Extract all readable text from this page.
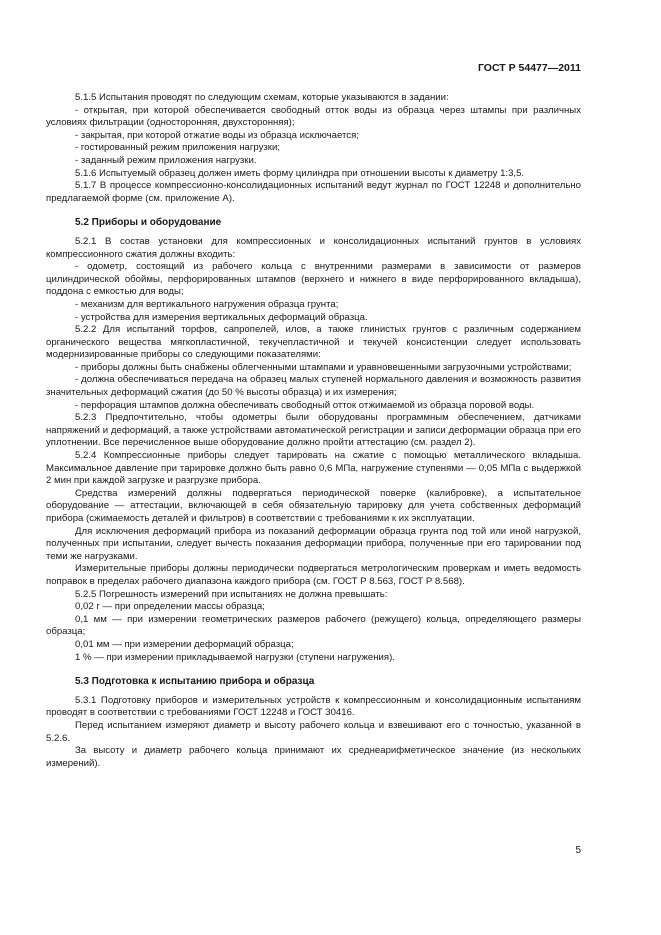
ГОСТ Р 54477—2011

5.1.5 Испытания проводят по следующим схемам, которые указываются в задании:

- открытая, при которой обеспечивается свободный отток воды из образца через штампы при различных условиях фильтрации (односторонняя, двухсторонняя);

- закрытая, при которой отжатие воды из образца исключается;

- гостированный режим приложения нагрузки;

- заданный режим приложения нагрузки.

5.1.6 Испытуемый образец должен иметь форму цилиндра при отношении высоты к диаметру 1:3,5.

5.1.7 В процессе компрессионно-консолидационных испытаний ведут журнал по ГОСТ 12248 и дополнительно предлагаемой форме (см. приложение А).

5.2 Приборы и оборудование

5.2.1 В состав установки для компрессионных и консолидационных испытаний грунтов в условиях компрессионного сжатия должны входить:

- одометр, состоящий из рабочего кольца с внутренними размерами в зависимости от размеров цилиндрической обоймы, перфорированных штампов (верхнего и нижнего в виде перфорированного вкладыша), поддона с емкостью для воды;

- механизм для вертикального нагружения образца грунта;

- устройства для измерения вертикальных деформаций образца.

5.2.2 Для испытаний торфов, сапропелей, илов, а также глинистых грунтов с различным содержанием органического вещества мягкопластичной, текучепластичной и текучей консистенции следует использовать модернизированные приборы со следующими показателями:

- приборы должны быть снабжены облегченными штампами и уравновешенными загрузочными устройствами;

- должна обеспечиваться передача на образец малых ступеней нормального давления и возможность развития значительных деформаций сжатия (до 50 % высоты образца) и их измерения;

- перфорация штампов должна обеспечивать свободный отток отжимаемой из образца поровой воды.

5.2.3 Предпочтительно, чтобы одометры были оборудованы программным обеспечением, датчиками напряжений и деформаций, а также устройствами автоматической регистрации и записи деформации образца при его уплотнении. Все перечисленное выше оборудование должно пройти аттестацию (см. раздел 2).

5.2.4 Компрессионные приборы следует тарировать на сжатие с помощью металлического вкладыша. Максимальное давление при тарировке должно быть равно 0,6 МПа, нагружение ступенями — 0,05 МПа с выдержкой 2 мин при каждой загрузке и разгрузке прибора.

Средства измерений должны подвергаться периодической поверке (калибровке), а испытательное оборудование — аттестации, включающей в себя обязательную тарировку для учета собственных деформаций прибора (сжимаемость деталей и фильтров) в соответствии с требованиями к их эксплуатации.

Для исключения деформаций прибора из показаний деформации образца грунта под той или иной нагрузкой, полученных при испытании, следует вычесть показания деформации прибора, полученные при его тарировании под теми же нагрузками.

Измерительные приборы должны периодически подвергаться метрологическим проверкам и иметь ведомость поправок в пределах рабочего диапазона каждого прибора (см. ГОСТ Р 8.563, ГОСТ Р 8.568).

5.2.5 Погрешность измерений при испытаниях не должна превышать:

0,02 г — при определении массы образца;

0,1 мм — при измерении геометрических размеров рабочего (режущего) кольца, определяющего размеры образца;

0,01 мм — при измерении деформаций образца;

1 % — при измерении прикладываемой нагрузки (ступени нагружения).

5.3 Подготовка к испытанию прибора и образца

5.3.1 Подготовку приборов и измерительных устройств к компрессионным и консолидационным испытаниям проводят в соответствии с требованиями ГОСТ 12248 и ГОСТ 30416.

Перед испытанием измеряют диаметр и высоту рабочего кольца и взвешивают его с точностью, указанной в 5.2.6.

За высоту и диаметр рабочего кольца принимают их среднеарифметическое значение (из нескольких измерений).

5
